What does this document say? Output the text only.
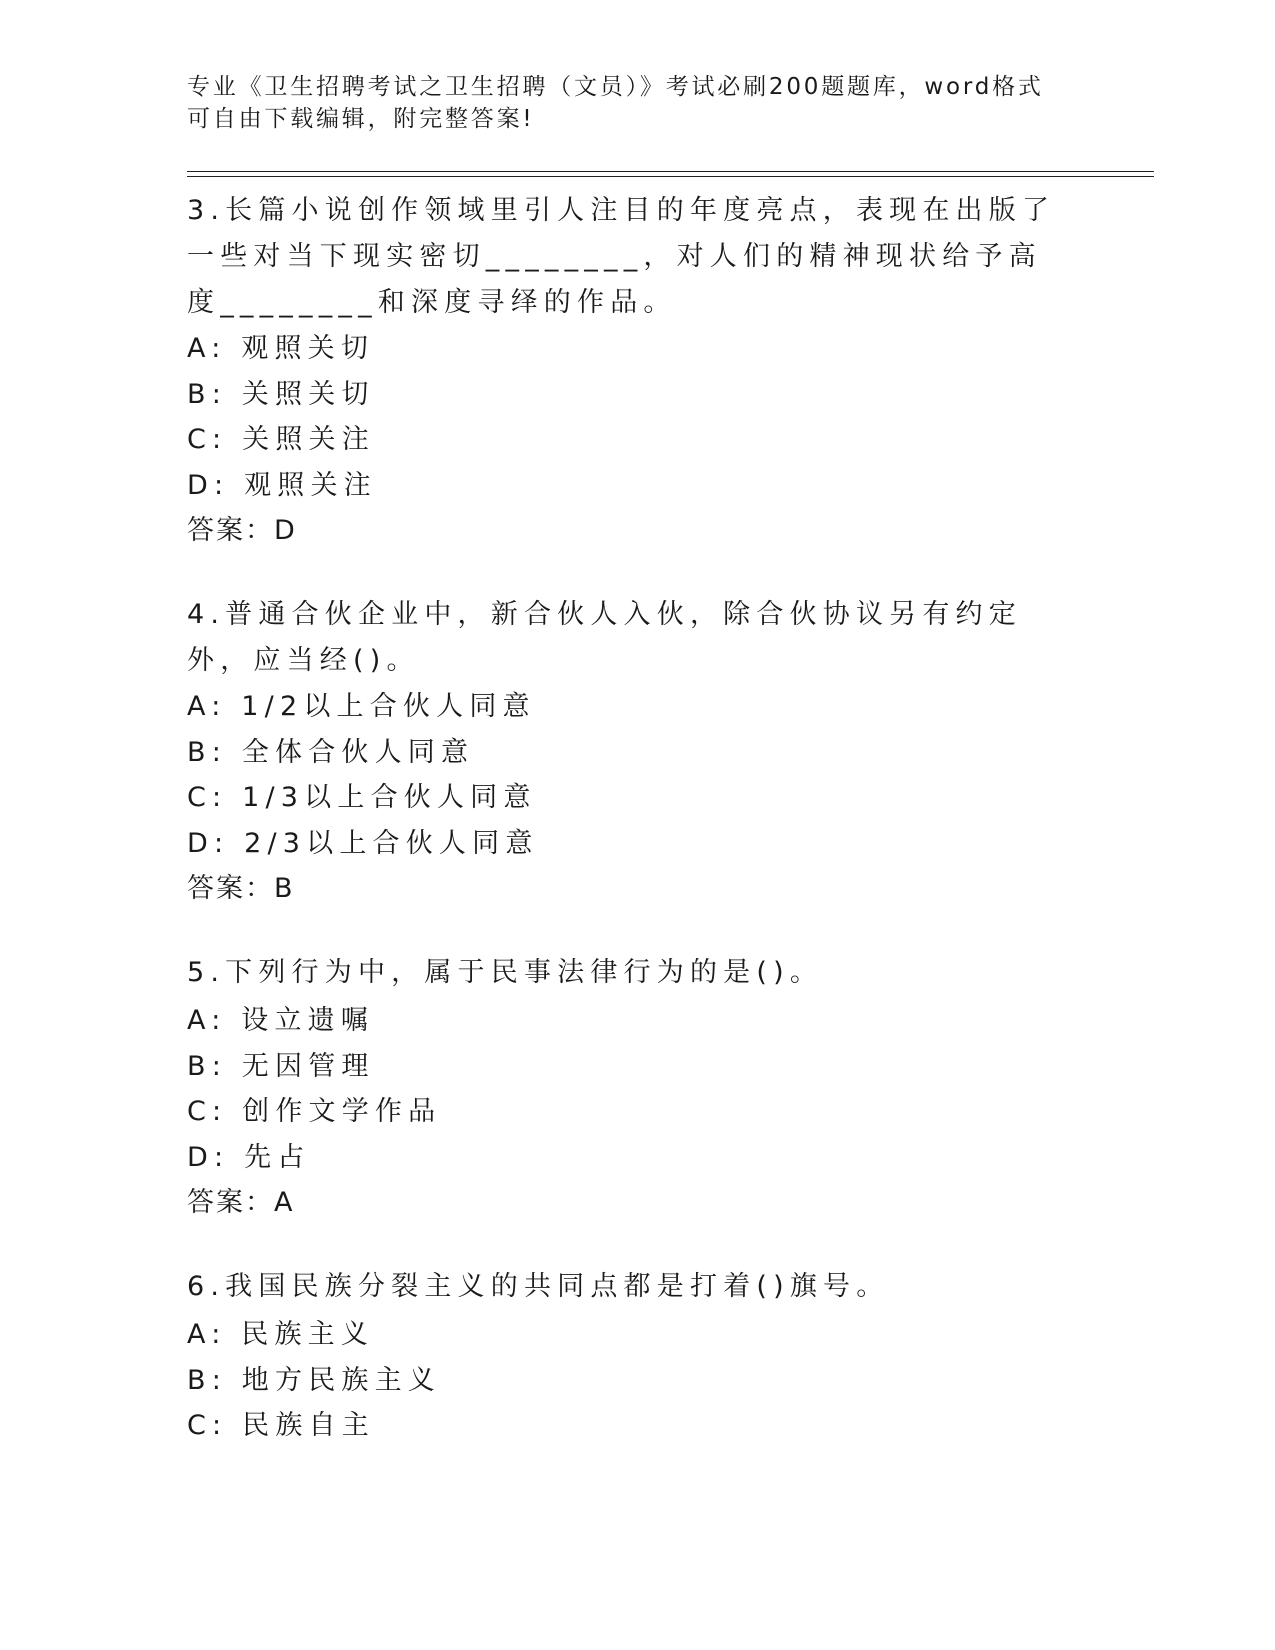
专业《卫生招聘考试之卫生招聘（文员）》考试必刷200题题库，word格式可自由下载编辑，附完整答案!
3.长篇小说创作领域里引人注目的年度亮点，表现在出版了一些对当下现实密切________，对人们的精神现状给予高度________和深度寻绎的作品。
A: 观照关切
B: 关照关切
C: 关照关注
D: 观照关注
答案：D
4.普通合伙企业中，新合伙人入伙，除合伙协议另有约定外，应当经()。
A: 1/2以上合伙人同意
B: 全体合伙人同意
C: 1/3以上合伙人同意
D: 2/3以上合伙人同意
答案：B
5.下列行为中，属于民事法律行为的是()。
A: 设立遗嘱
B: 无因管理
C: 创作文学作品
D: 先占
答案：A
6.我国民族分裂主义的共同点都是打着()旗号。
A: 民族主义
B: 地方民族主义
C: 民族自主
